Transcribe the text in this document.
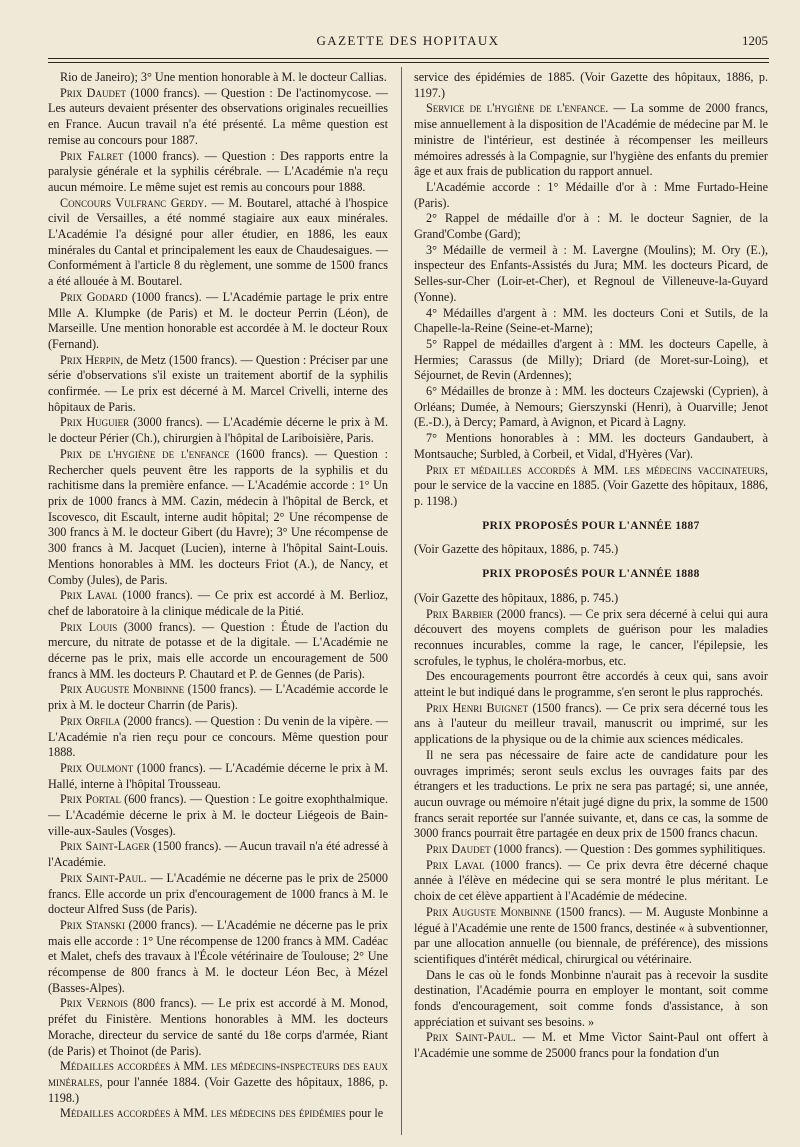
GAZETTE DES HOPITAUX	1205

Rio de Janeiro); 3° Une mention honorable à M. le docteur Callias.

Prix Daudet (1000 francs). — Question : De l'actinomycose. — Les auteurs devaient présenter des observations originales recueillies en France. Aucun travail n'a été présenté. La même question est remise au concours pour 1887.

Prix Falret (1000 francs). — Question : Des rapports entre la paralysie générale et la syphilis cérébrale. — L'Académie n'a reçu aucun mémoire. Le même sujet est remis au concours pour 1888.

Concours Vulfranc Gerdy. — M. Boutarel, attaché à l'hospice civil de Versailles, a été nommé stagiaire aux eaux minérales. L'Académie l'a désigné pour aller étudier, en 1886, les eaux minérales du Cantal et principalement les eaux de Chaudesaigues. — Conformément à l'article 8 du règlement, une somme de 1500 francs a été allouée à M. Boutarel.

Prix Godard (1000 francs). — L'Académie partage le prix entre Mlle A. Klumpke (de Paris) et M. le docteur Perrin (Léon), de Marseille. Une mention honorable est accordée à M. le docteur Roux (Fernand).

Prix Herpin, de Metz (1500 francs). — Question : Préciser par une série d'observations s'il existe un traitement abortif de la syphilis confirmée. — Le prix est décerné à M. Marcel Crivelli, interne des hôpitaux de Paris.

Prix Huguier (3000 francs). — L'Académie décerne le prix à M. le docteur Périer (Ch.), chirurgien à l'hôpital de Lariboisière, Paris.

Prix de l'hygiène de l'enfance (1600 francs). — Question : Rechercher quels peuvent être les rapports de la syphilis et du rachitisme dans la première enfance. — L'Académie accorde : 1° Un prix de 1000 francs à MM. Cazin, médecin à l'hôpital de Berck, et Iscovesco, dit Escault, interne audit hôpital; 2° Une récompense de 300 francs à M. le docteur Gibert (du Havre); 3° Une récompense de 300 francs à M. Jacquet (Lucien), interne à l'hôpital Saint-Louis. Mentions honorables à MM. les docteurs Friot (A.), de Nancy, et Comby (Jules), de Paris.

Prix Laval (1000 francs). — Ce prix est accordé à M. Berlioz, chef de laboratoire à la clinique médicale de la Pitié.

Prix Louis (3000 francs). — Question : Étude de l'action du mercure, du nitrate de potasse et de la digitale. — L'Académie ne décerne pas le prix, mais elle accorde un encouragement de 500 francs à MM. les docteurs P. Chautard et P. de Gennes (de Paris).

Prix Auguste Monbinne (1500 francs). — L'Académie accorde le prix à M. le docteur Charrin (de Paris).

Prix Orfila (2000 francs). — Question : Du venin de la vipère. — L'Académie n'a rien reçu pour ce concours. Même question pour 1888.

Prix Oulmont (1000 francs). — L'Académie décerne le prix à M. Hallé, interne à l'hôpital Trousseau.

Prix Portal (600 francs). — Question : Le goitre exophthalmique. — L'Académie décerne le prix à M. le docteur Liégeois de Bain-ville-aux-Saules (Vosges).

Prix Saint-Lager (1500 francs). — Aucun travail n'a été adressé à l'Académie.

Prix Saint-Paul. — L'Académie ne décerne pas le prix de 25000 francs. Elle accorde un prix d'encouragement de 1000 francs à M. le docteur Alfred Suss (de Paris).

Prix Stanski (2000 francs). — L'Académie ne décerne pas le prix mais elle accorde : 1° Une récompense de 1200 francs à MM. Cadéac et Malet, chefs des travaux à l'École vétérinaire de Toulouse; 2° Une récompense de 800 francs à M. le docteur Léon Bec, à Mézel (Basses-Alpes).

Prix Vernois (800 francs). — Le prix est accordé à M. Monod, préfet du Finistère. Mentions honorables à MM. les docteurs Morache, directeur du service de santé du 18e corps d'armée, Riant (de Paris) et Thoinot (de Paris).

Médailles accordées à MM. les médecins-inspecteurs des eaux minérales, pour l'année 1884. (Voir Gazette des hôpitaux, 1886, p. 1198.)

Médailles accordées à MM. les médecins des épidémies pour le

service des épidémies de 1885. (Voir Gazette des hôpitaux, 1886, p. 1197.)

Service de l'hygiène de l'enfance. — La somme de 2000 francs, mise annuellement à la disposition de l'Académie de médecine par M. le ministre de l'intérieur, est destinée à récompenser les meilleurs mémoires adressés à la Compagnie, sur l'hygiène des enfants du premier âge et aux frais de publication du rapport annuel.

L'Académie accorde : 1° Médaille d'or à : Mme Furtado-Heine (Paris).

2° Rappel de médaille d'or à : M. le docteur Sagnier, de la Grand'Combe (Gard);

3° Médaille de vermeil à : M. Lavergne (Moulins); M. Ory (E.), inspecteur des Enfants-Assistés du Jura; MM. les docteurs Picard, de Selles-sur-Cher (Loir-et-Cher), et Regnoul de Villeneuve-la-Guyard (Yonne).

4° Médailles d'argent à : MM. les docteurs Coni et Sutils, de la Chapelle-la-Reine (Seine-et-Marne);

5° Rappel de médailles d'argent à : MM. les docteurs Capelle, à Hermies; Carassus (de Milly); Driard (de Moret-sur-Loing), et Séjournet, de Revin (Ardennes);

6° Médailles de bronze à : MM. les docteurs Czajewski (Cyprien), à Orléans; Dumée, à Nemours; Gierszynski (Henri), à Ouarville; Jenot (E.-D.), à Dercy; Pamard, à Avignon, et Picard à Lagny.

7° Mentions honorables à : MM. les docteurs Gandaubert, à Montsauche; Surbled, à Corbeil, et Vidal, d'Hyères (Var).

Prix et médailles accordés à MM. les médecins vaccinateurs, pour le service de la vaccine en 1885. (Voir Gazette des hôpitaux, 1886, p. 1198.)

PRIX PROPOSÉS POUR L'ANNÉE 1887

(Voir Gazette des hôpitaux, 1886, p. 745.)

PRIX PROPOSÉS POUR L'ANNÉE 1888

(Voir Gazette des hôpitaux, 1886, p. 745.)

Prix Barbier (2000 francs). — Ce prix sera décerné à celui qui aura découvert des moyens complets de guérison pour les maladies reconnues incurables, comme la rage, le cancer, l'épilepsie, les scrofules, le typhus, le choléra-morbus, etc.

Des encouragements pourront être accordés à ceux qui, sans avoir atteint le but indiqué dans le programme, s'en seront le plus rapprochés.

Prix Henri Buignet (1500 francs). — Ce prix sera décerné tous les ans à l'auteur du meilleur travail, manuscrit ou imprimé, sur les applications de la physique ou de la chimie aux sciences médicales.

Il ne sera pas nécessaire de faire acte de candidature pour les ouvrages imprimés; seront seuls exclus les ouvrages faits par des étrangers et les traductions. Le prix ne sera pas partagé; si, une année, aucun ouvrage ou mémoire n'était jugé digne du prix, la somme de 1500 francs serait reportée sur l'année suivante, et, dans ce cas, la somme de 3000 francs pourrait être partagée en deux prix de 1500 francs chacun.

Prix Daudet (1000 francs). — Question : Des gommes syphilitiques.

Prix Laval (1000 francs). — Ce prix devra être décerné chaque année à l'élève en médecine qui se sera montré le plus méritant. Le choix de cet élève appartient à l'Académie de médecine.

Prix Auguste Monbinne (1500 francs). — M. Auguste Monbinne a légué à l'Académie une rente de 1500 francs, destinée « à subventionner, par une allocation annuelle (ou biennale, de préférence), des missions scientifiques d'intérêt médical, chirurgical ou vétérinaire.

Dans le cas où le fonds Monbinne n'aurait pas à recevoir la susdite destination, l'Académie pourra en employer le montant, soit comme fonds d'encouragement, soit comme fonds d'assistance, à son appréciation et suivant ses besoins. »

Prix Saint-Paul. — M. et Mme Victor Saint-Paul ont offert à l'Académie une somme de 25000 francs pour la fondation d'un
